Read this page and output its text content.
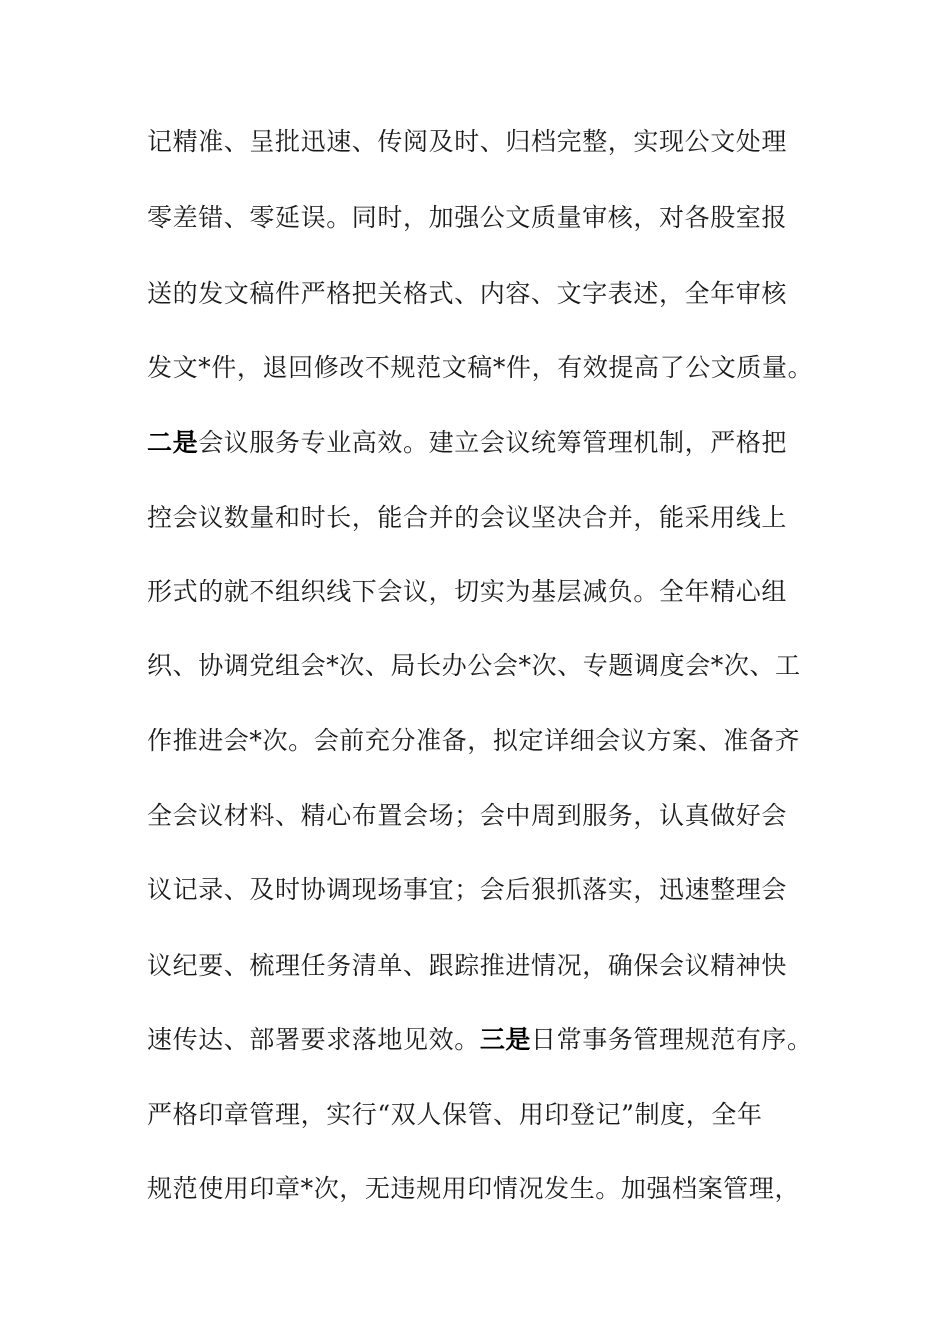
记精准、呈批迅速、传阅及时、归档完整，实现公文处理
零差错、零延误。同时，加强公文质量审核，对各股室报
送的发文稿件严格把关格式、内容、文字表述，全年审核
发文*件，退回修改不规范文稿*件，有效提高了公文质量。
二是会议服务专业高效。建立会议统筹管理机制，严格把
控会议数量和时长，能合并的会议坚决合并，能采用线上
形式的就不组织线下会议，切实为基层减负。全年精心组
织、协调党组会*次、局长办公会*次、专题调度会*次、工
作推进会*次。会前充分准备，拟定详细会议方案、准备齐
全会议材料、精心布置会场；会中周到服务，认真做好会
议记录、及时协调现场事宜；会后狠抓落实，迅速整理会
议纪要、梳理任务清单、跟踪推进情况，确保会议精神快
速传达、部署要求落地见效。三是日常事务管理规范有序。
严格印章管理，实行“双人保管、用印登记”制度，全年
规范使用印章*次，无违规用印情况发生。加强档案管理，
